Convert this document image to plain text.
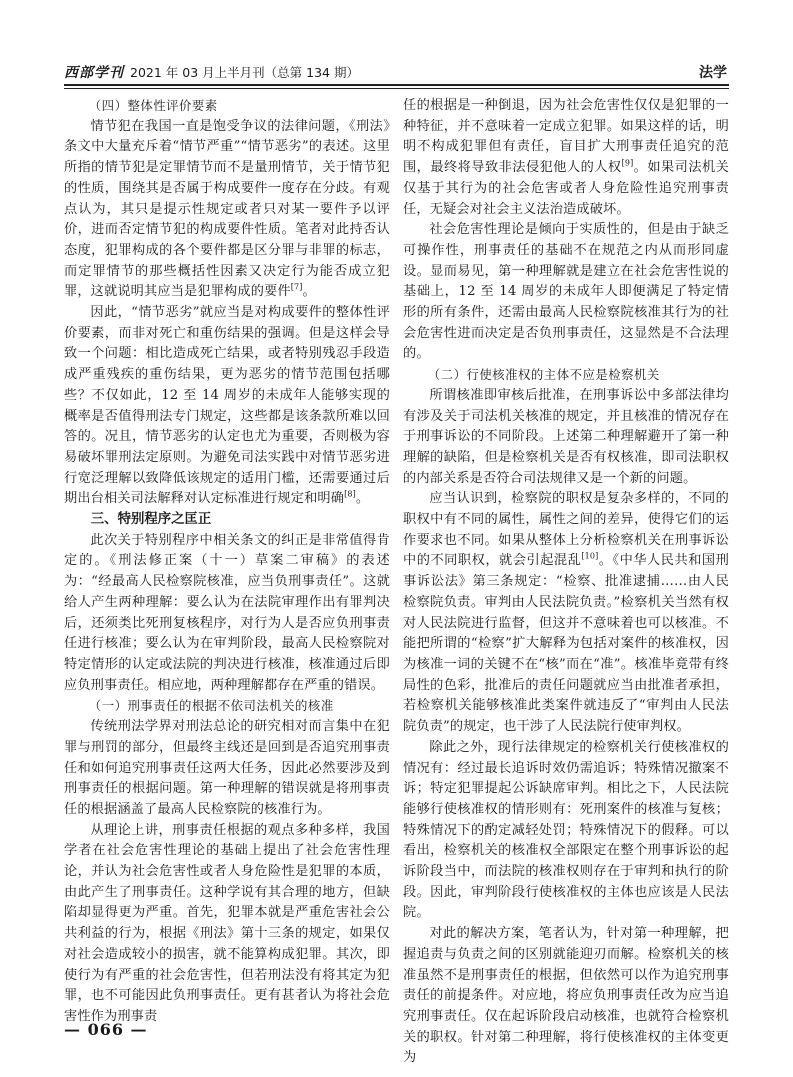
西部学刊 2021 年 03 月上半月刊（总第 134 期）	法学
（四）整体性评价要素

情节犯在我国一直是饱受争议的法律问题，《刑法》条文中大量充斥着“情节严重”“情节恶劣”的表述。这里所指的情节犯是定罪情节而不是量刑情节，关于情节犯的性质，围绕其是否属于构成要件一度存在分歧。有观点认为，其只是提示性规定或者只对某一要件予以评价，进而否定情节犯的构成要件性质。笔者对此持否认态度，犯罪构成的各个要件都是区分罪与非罪的标志，而定罪情节的那些概括性因素又决定行为能否成立犯罪，这就说明其应当是犯罪构成的要件[7]。

因此，“情节恶劣”就应当是对构成要件的整体性评价要素，而非对死亡和重伤结果的强调。但是这样会导致一个问题：相比造成死亡结果，或者特别残忍手段造成严重残疾的重伤结果，更为恶劣的情节范围包括哪些？不仅如此，12 至 14 周岁的未成年人能够实现的概率是否值得刑法专门规定，这些都是该条款所难以回答的。况且，情节恶劣的认定也尤为重要，否则极为容易破坏罪刑法定原则。为避免司法实践中对情节恶劣进行宽泛理解以致降低该规定的适用门槛，还需要通过后期出台相关司法解释对认定标准进行规定和明确[8]。

三、特别程序之匡正

此次关于特别程序中相关条文的纠正是非常值得肯定的。《刑法修正案（十一）草案二审稿》的表述为：“经最高人民检察院核准，应当负刑事责任”。这就给人产生两种理解：要么认为在法院审理作出有罪判决后，还须类比死刑复核程序，对行为人是否应负刑事责任进行核准；要么认为在审判阶段，最高人民检察院对特定情形的认定或法院的判决进行核准，核准通过后即应负刑事责任。相应地，两种理解都存在严重的错误。

（一）刑事责任的根据不依司法机关的核准

传统刑法学界对刑法总论的研究相对而言集中在犯罪与刑罚的部分，但最终主线还是回到是否追究刑事责任和如何追究刑事责任这两大任务，因此必然要涉及到刑事责任的根据问题。第一种理解的错误就是将刑事责任的根据涵盖了最高人民检察院的核准行为。

从理论上讲，刑事责任根据的观点多种多样，我国学者在社会危害性理论的基础上提出了社会危害性理论，并认为社会危害性或者人身危险性是犯罪的本质，由此产生了刑事责任。这种学说有其合理的地方，但缺陷却显得更为严重。首先，犯罪本就是严重危害社会公共利益的行为，根据《刑法》第十三条的规定，如果仅对社会造成较小的损害，就不能算构成犯罪。其次，即使行为有严重的社会危害性，但若刑法没有将其定为犯罪，也不可能因此负刑事责任。更有甚者认为将社会危害性作为刑事责

任的根据是一种倒退，因为社会危害性仅仅是犯罪的一种特征，并不意味着一定成立犯罪。如果这样的话，明明不构成犯罪但有责任，盲目扩大刑事责任追究的范围，最终将导致非法侵犯他人的人权[9]。如果司法机关仅基于其行为的社会危害或者人身危险性追究刑事责任，无疑会对社会主义法治造成破坏。

社会危害性理论是倾向于实质性的，但是由于缺乏可操作性，刑事责任的基础不在规范之内从而形同虚设。显而易见，第一种理解就是建立在社会危害性说的基础上，12 至 14 周岁的未成年人即便满足了特定情形的所有条件，还需由最高人民检察院核准其行为的社会危害性进而决定是否负刑事责任，这显然是不合法理的。

（二）行使核准权的主体不应是检察机关

所谓核准即审核后批准，在刑事诉讼中多部法律均有涉及关于司法机关核准的规定，并且核准的情况存在于刑事诉讼的不同阶段。上述第二种理解避开了第一种理解的缺陷，但是检察机关是否有权核准，即司法职权的内部关系是否符合司法规律又是一个新的问题。

应当认识到，检察院的职权是复杂多样的，不同的职权中有不同的属性，属性之间的差异，使得它们的运作要求也不同。如果从整体上分析检察机关在刑事诉讼中的不同职权，就会引起混乱[10]。《中华人民共和国刑事诉讼法》第三条规定：“检察、批准逮捕……由人民检察院负责。审判由人民法院负责。”检察机关当然有权对人民法院进行监督，但这并不意味着也可以核准。不能把所谓的“检察”扩大解释为包括对案件的核准权，因为核准一词的关键不在“核”而在“准”。核准毕竟带有终局性的色彩，批准后的责任问题就应当由批准者承担，若检察机关能够核准此类案件就违反了“审判由人民法院负责”的规定，也干涉了人民法院行使审判权。

除此之外，现行法律规定的检察机关行使核准权的情况有：经过最长追诉时效仍需追诉；特殊情况撤案不诉；特定犯罪提起公诉缺席审判。相比之下，人民法院能够行使核准权的情形则有：死刑案件的核准与复核；特殊情况下的酌定减轻处罚；特殊情况下的假释。可以看出，检察机关的核准权全部限定在整个刑事诉讼的起诉阶段当中，而法院的核准权则存在于审判和执行的阶段。因此，审判阶段行使核准权的主体也应该是人民法院。

对此的解决方案，笔者认为，针对第一种理解，把握追责与负责之间的区别就能迎刃而解。检察机关的核准虽然不是刑事责任的根据，但依然可以作为追究刑事责任的前提条件。对应地，将应负刑事责任改为应当追究刑事责任。仅在起诉阶段启动核准，也就符合检察机关的职权。针对第二种理解，将行使核准权的主体变更为

— 066 —
